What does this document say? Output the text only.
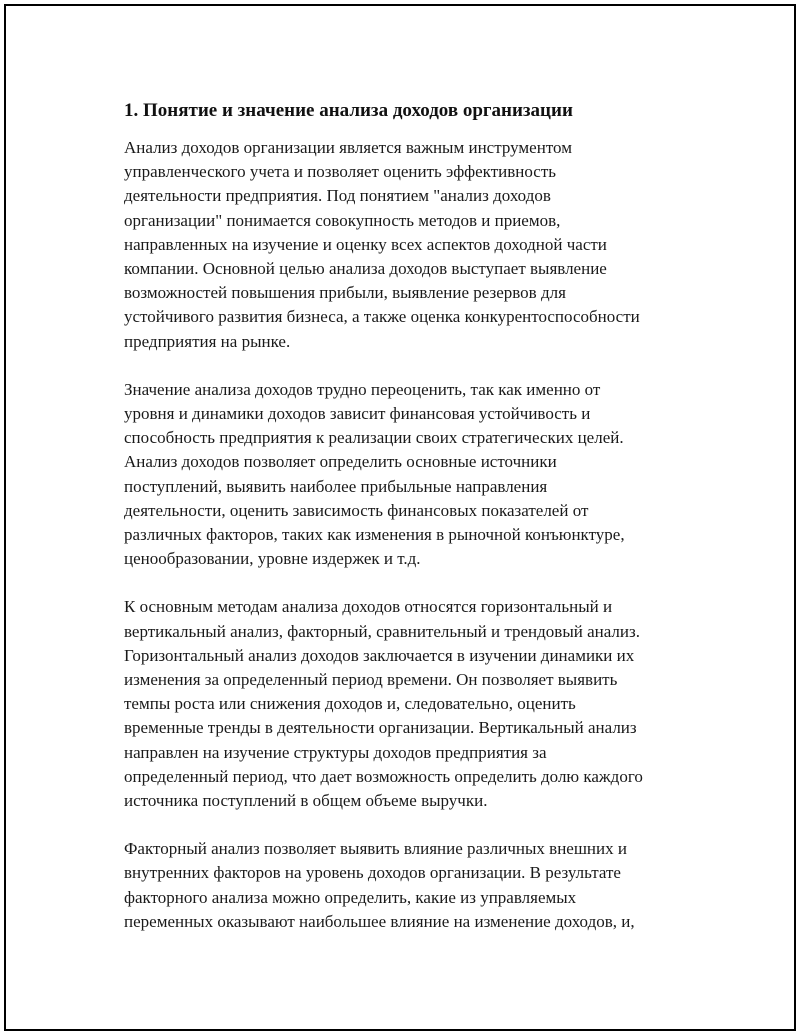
1. Понятие и значение анализа доходов организации

Анализ доходов организации является важным инструментом
управленческого учета и позволяет оценить эффективность
деятельности предприятия. Под понятием "анализ доходов
организации" понимается совокупность методов и приемов,
направленных на изучение и оценку всех аспектов доходной части
компании. Основной целью анализа доходов выступает выявление
возможностей повышения прибыли, выявление резервов для
устойчивого развития бизнеса, а также оценка конкурентоспособности
предприятия на рынке.

Значение анализа доходов трудно переоценить, так как именно от
уровня и динамики доходов зависит финансовая устойчивость и
способность предприятия к реализации своих стратегических целей.
Анализ доходов позволяет определить основные источники
поступлений, выявить наиболее прибыльные направления
деятельности, оценить зависимость финансовых показателей от
различных факторов, таких как изменения в рыночной конъюнктуре,
ценообразовании, уровне издержек и т.д.

К основным методам анализа доходов относятся горизонтальный и
вертикальный анализ, факторный, сравнительный и трендовый анализ.
Горизонтальный анализ доходов заключается в изучении динамики их
изменения за определенный период времени. Он позволяет выявить
темпы роста или снижения доходов и, следовательно, оценить
временные тренды в деятельности организации. Вертикальный анализ
направлен на изучение структуры доходов предприятия за
определенный период, что дает возможность определить долю каждого
источника поступлений в общем объеме выручки.

Факторный анализ позволяет выявить влияние различных внешних и
внутренних факторов на уровень доходов организации. В результате
факторного анализа можно определить, какие из управляемых
переменных оказывают наибольшее влияние на изменение доходов, и,
